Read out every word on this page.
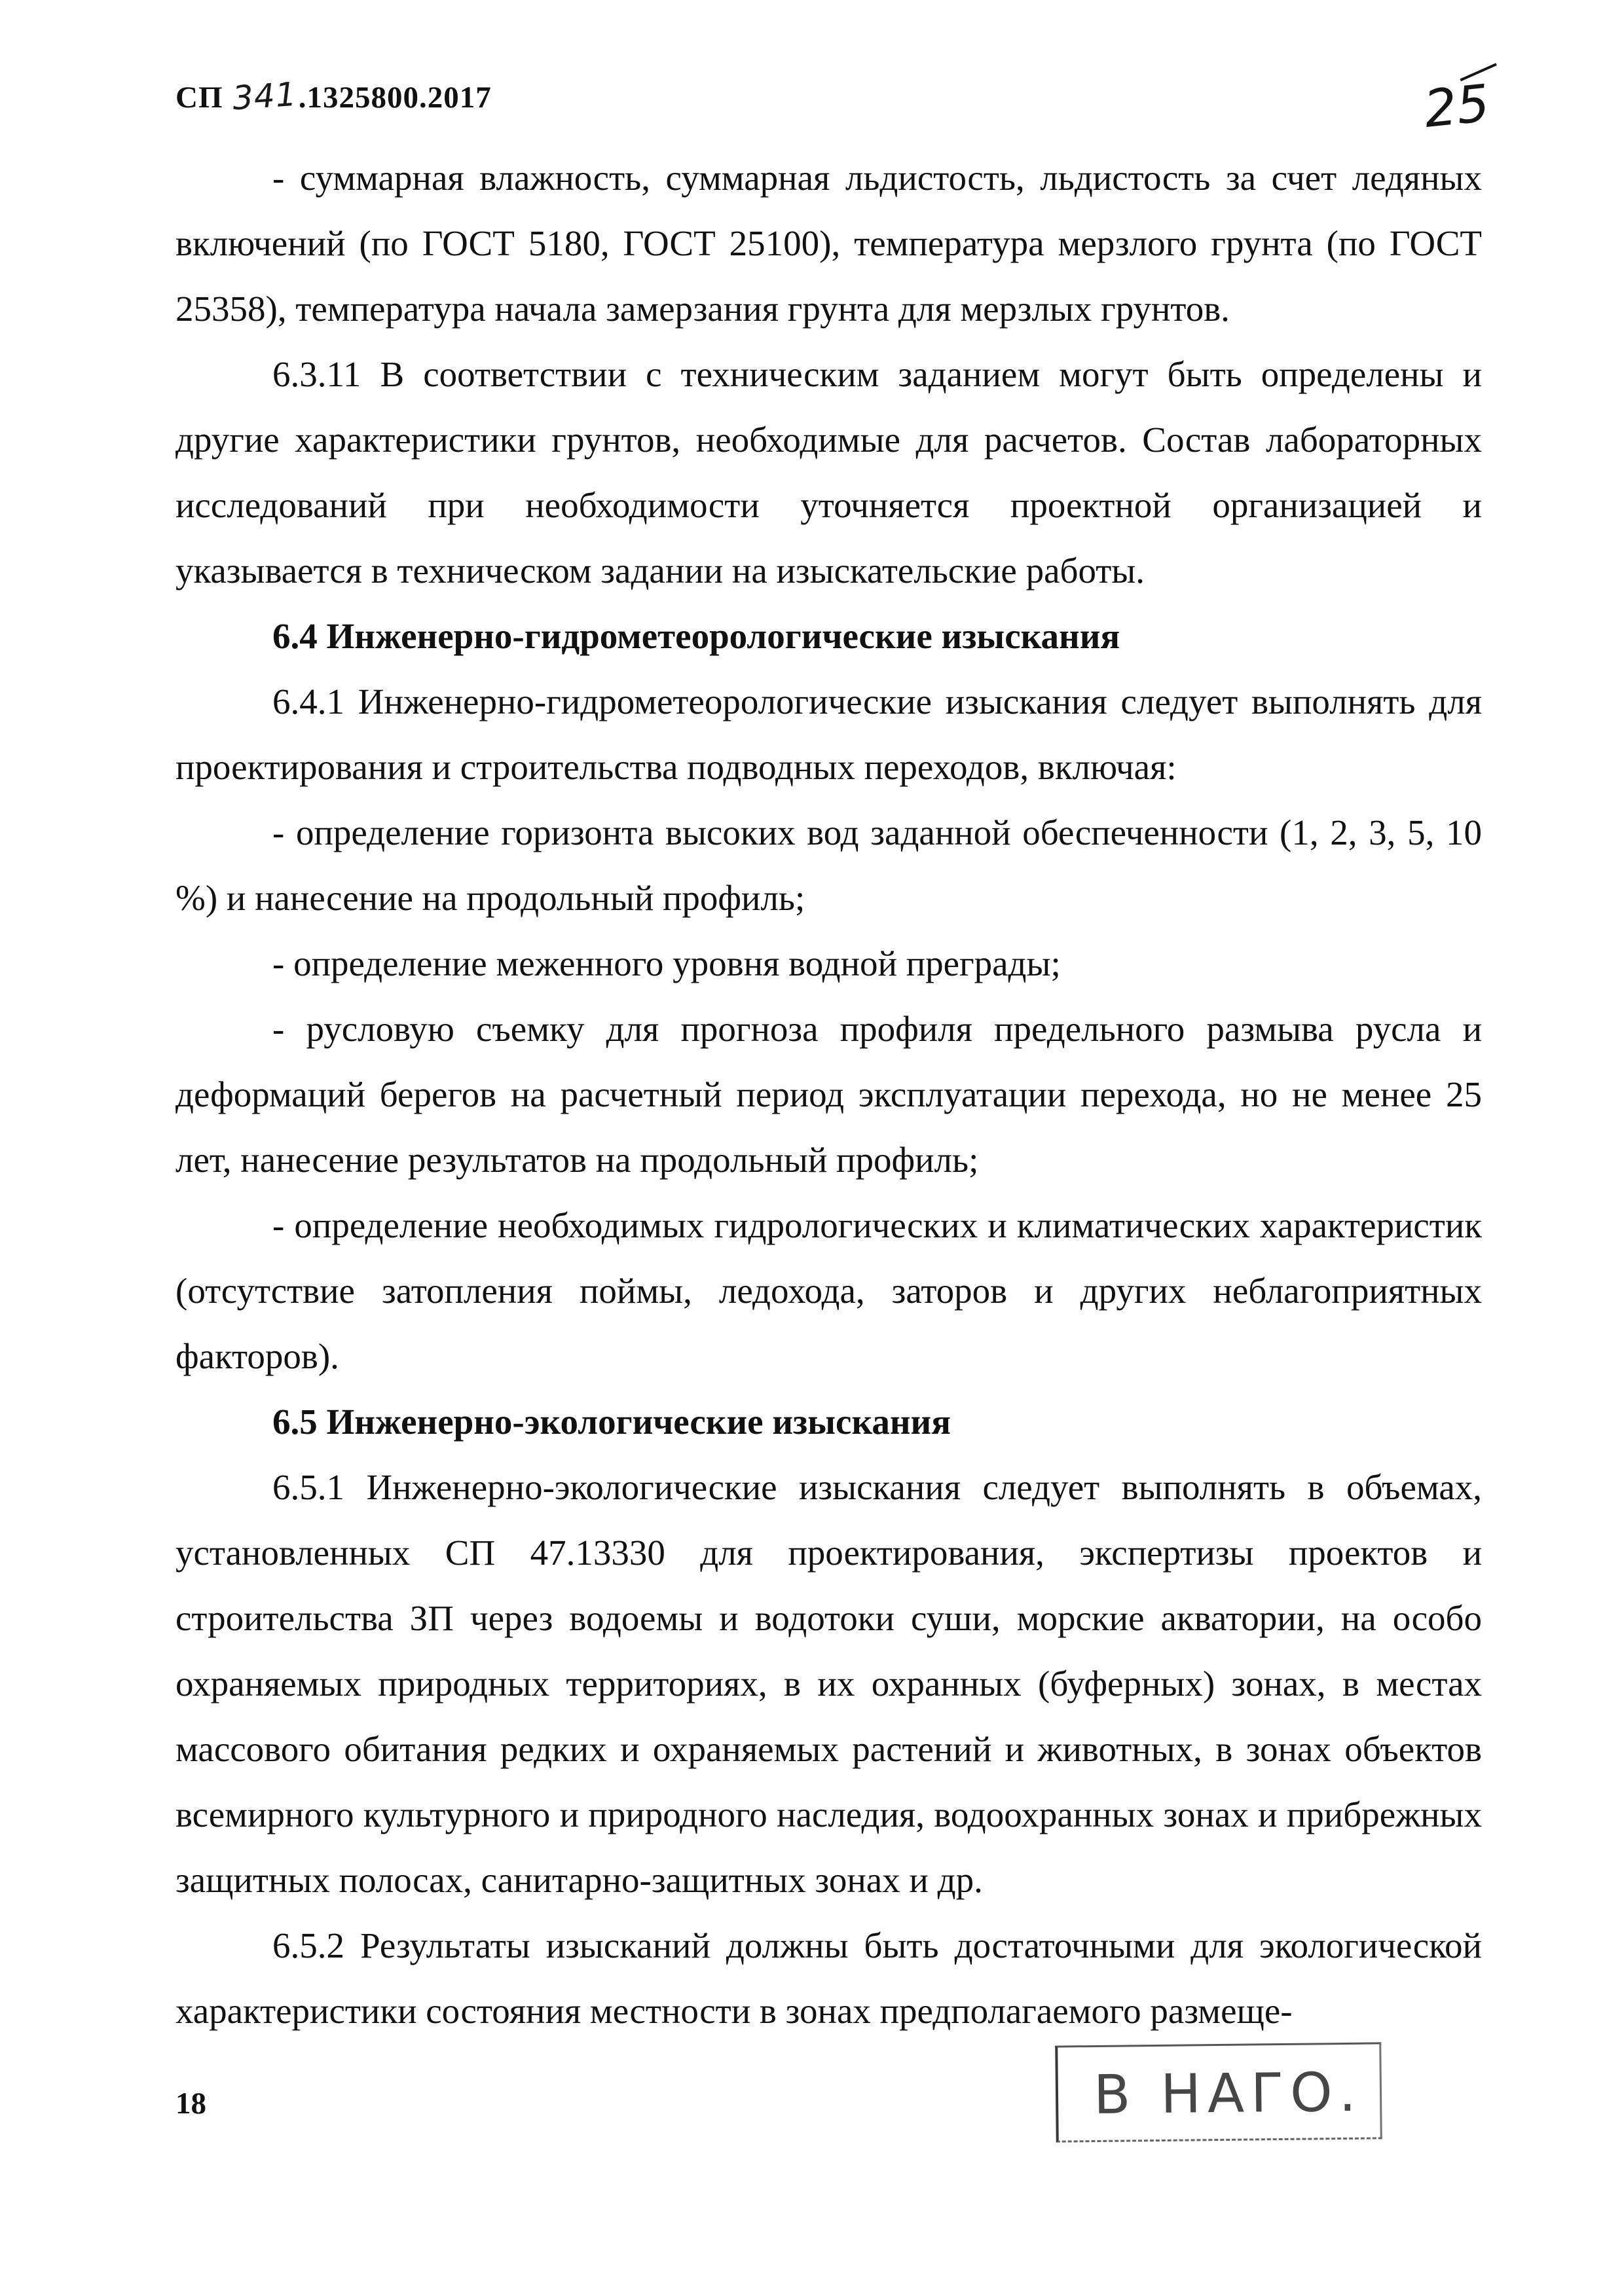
СП 341.1325800.2017	25

- суммарная влажность, суммарная льдистость, льдистость за счет ледяных включений (по ГОСТ 5180, ГОСТ 25100), температура мерзлого грунта (по ГОСТ 25358), температура начала замерзания грунта для мерзлых грунтов.

6.3.11 В соответствии с техническим заданием могут быть определены и другие характеристики грунтов, необходимые для расчетов. Состав лабораторных исследований при необходимости уточняется проектной организацией и указывается в техническом задании на изыскательские работы.

6.4 Инженерно-гидрометеорологические изыскания

6.4.1 Инженерно-гидрометеорологические изыскания следует выполнять для проектирования и строительства подводных переходов, включая:

- определение горизонта высоких вод заданной обеспеченности (1, 2, 3, 5, 10 %) и нанесение на продольный профиль;

- определение меженного уровня водной преграды;

- русловую съемку для прогноза профиля предельного размыва русла и деформаций берегов на расчетный период эксплуатации перехода, но не менее 25 лет, нанесение результатов на продольный профиль;

- определение необходимых гидрологических и климатических характеристик (отсутствие затопления поймы, ледохода, заторов и других неблагоприятных факторов).

6.5 Инженерно-экологические изыскания

6.5.1 Инженерно-экологические изыскания следует выполнять в объемах, установленных СП 47.13330 для проектирования, экспертизы проектов и строительства ЗП через водоемы и водотоки суши, морские акватории, на особо охраняемых природных территориях, в их охранных (буферных) зонах, в местах массового обитания редких и охраняемых растений и животных, в зонах объектов всемирного культурного и природного наследия, водоохранных зонах и прибрежных защитных полосах, санитарно-защитных зонах и др.

6.5.2 Результаты изысканий должны быть достаточными для экологической характеристики состояния местности в зонах предполагаемого размеще-

В НАГО.
18
